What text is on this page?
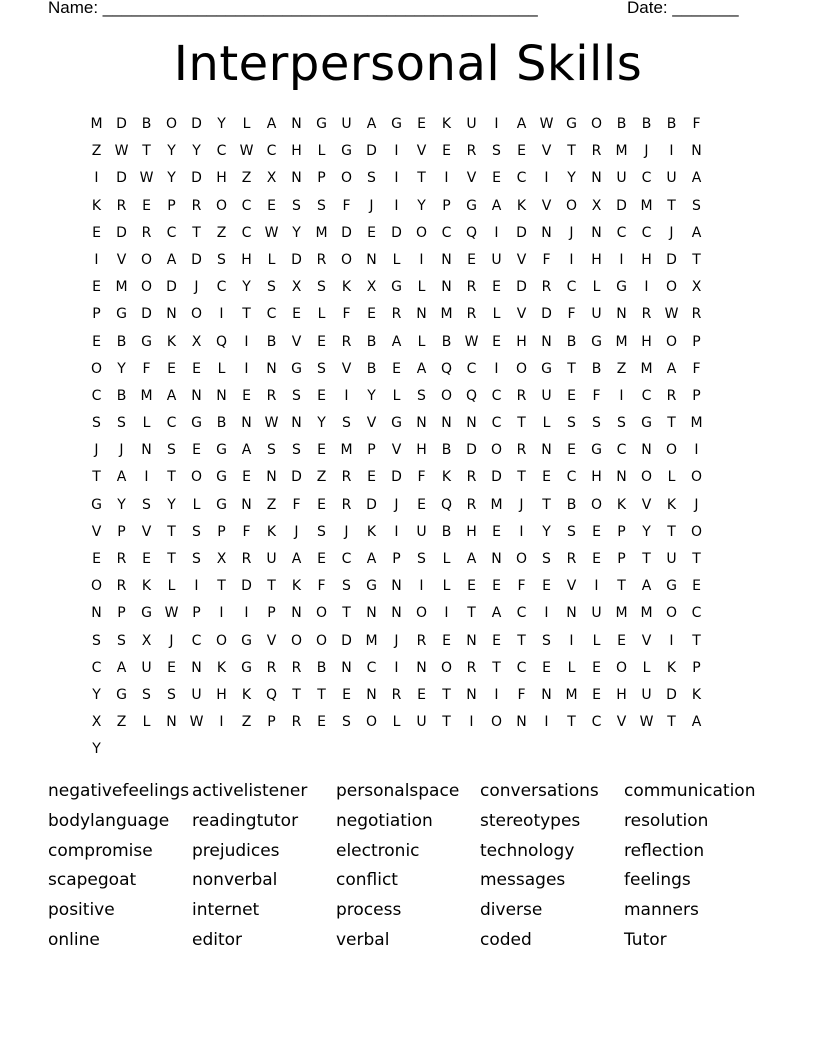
Name: ______________________________________________	Date: _______
Interpersonal Skills
M D	B	O	D	Y	L	A	N	G	U	A	G	E	K	U	I	A W G	O	B	B	B	F
Z W T	Y	Y	C W C	H	L	G	D	I	V	E	R	S	E	V	T	R	M	J	I	N
I	D W Y	D	H	Z	X	N	P	O	S	I	T	I	V	E	C	I	Y	N	U	C	U	A
K	R	E	P	R	O	C	E	S	S	F	J	I	Y	P	G	A	K	V	O	X	D M	T	S
E	D	R	C	T	Z	C W Y	M D	E	D	O	C	Q	I	D	N	J	N	C	C	J	A
I	V	O	A	D	S	H	L	D	R	O	N	L	I	N	E	U	V	F	I	H	I	H	D	T
E	M O	D	J	C	Y	S	X	S	K	X	G	L	N	R	E	D	R	C	L	G	I	O	X
P	G	D	N	O	I	T	C	E	L	F	E	R	N M	R	L	V	D	F	U	N	R W R
E	B	G	K	X	Q	I	B	V	E	R	B	A	L	B W E	H	N	B	G M H	O	P
O	Y	F	E	E	L	I	N	G	S	V	B	E	A	Q	C	I	O	G	T	B	Z	M	A	F
C	B	M	A	N	N	E	R	S	E	I	Y	L	S	O Q	C	R	U	E	F	I	C	R	P
S	S	L	C	G	B	N W N	Y	S	V	G	N	N	N	C	T	L	S	S	S	G	T	M
J	J	N	S	E	G	A	S	S	E	M	P	V	H	B	D	O	R	N	E	G	C	N	O	I
T	A	I	T	O	G	E	N	D	Z	R	E	D	F	K	R	D	T	E	C	H	N	O	L	O
G	Y	S	Y	L	G	N	Z	F	E	R	D	J	E	Q	R	M	J	T	B	O	K	V	K	J
V	P	V	T	S	P	F	K	J	S	J	K	I	U	B	H	E	I	Y	S	E	P	Y	T	O
E	R	E	T	S	X	R	U	A	E	C	A	P	S	L	A	N	O	S	R	E	P	T	U	T
O	R	K	L	I	T	D	T	K	F	S	G	N	I	L	E	E	F	E	V	I	T	A	G	E
N	P	G W P	I	I	P	N	O	T	N	N	O	I	T	A	C	I	N	U M M O	C
S	S	X	J	C	O	G	V	O O	D M	J	R	E	N	E	T	S	I	L	E	V	I	T
C	A	U	E	N	K	G	R	R	B	N	C	I	N	O	R	T	C	E	L	E	O	L	K	P
Y	G	S	S	U	H	K	Q	T	T	E	N	R	E	T	N	I	F	N M	E	H	U	D	K
X	Z	L	N W	I	Z	P	R	E	S	O	L	U	T	I	O	N	I	T	C	V W T	A
Y
negativefeelings activelistener	personalspace	conversations	communication
bodylanguage	readingtutor	negotiation	stereotypes	resolution
compromise	prejudices	electronic	technology	reflection
scapegoat	nonverbal	conflict	messages	feelings
positive	internet	process	diverse	manners
online	editor	verbal	coded	Tutor
